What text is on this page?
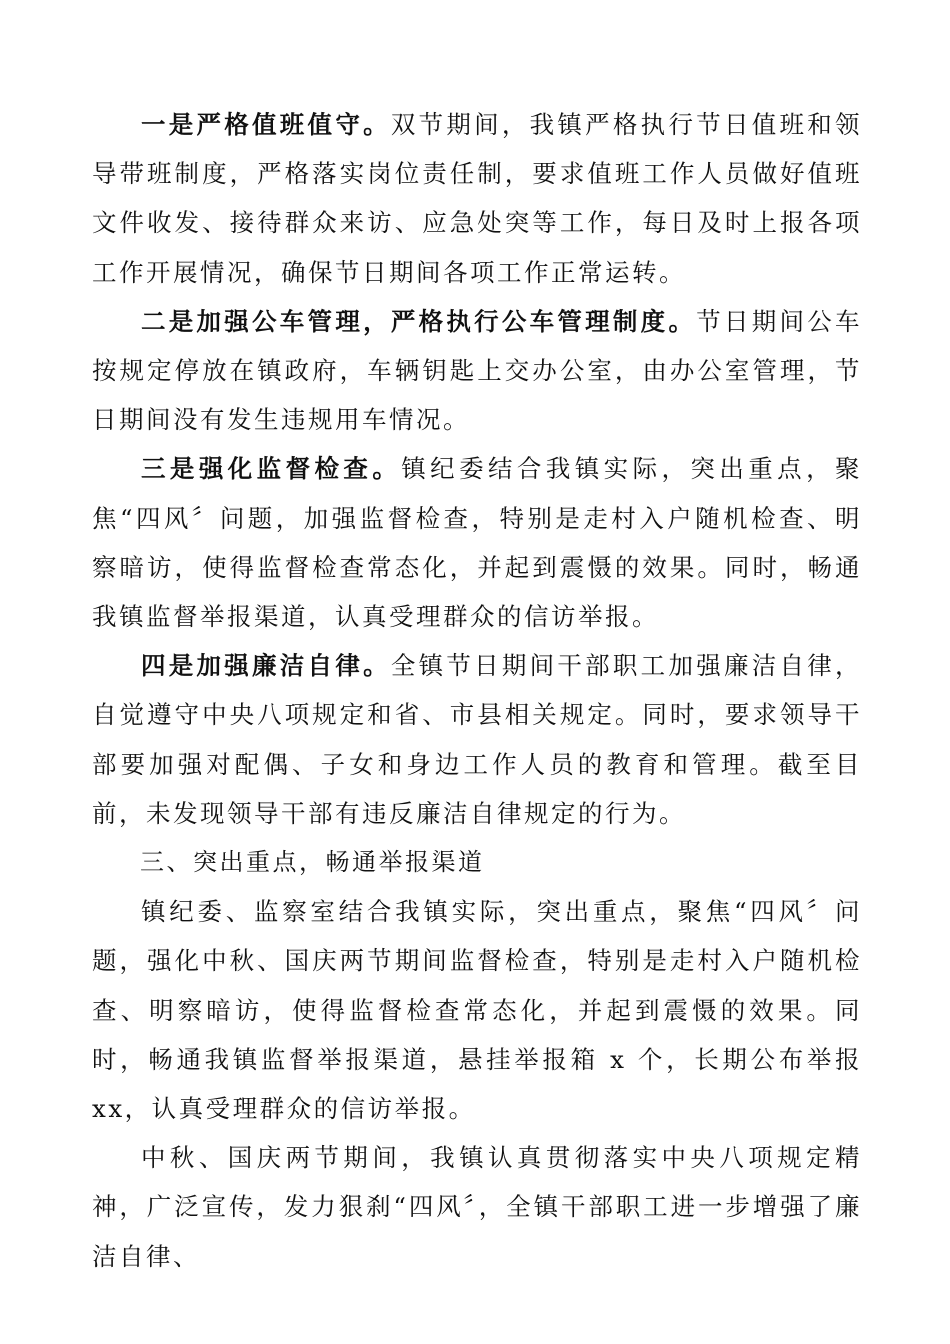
一是严格值班值守。双节期间，我镇严格执行节日值班和领导带班制度，严格落实岗位责任制，要求值班工作人员做好值班文件收发、接待群众来访、应急处突等工作，每日及时上报各项工作开展情况，确保节日期间各项工作正常运转。

二是加强公车管理，严格执行公车管理制度。节日期间公车按规定停放在镇政府，车辆钥匙上交办公室，由办公室管理，节日期间没有发生违规用车情况。

三是强化监督检查。镇纪委结合我镇实际，突出重点，聚焦“四风〞问题，加强监督检查，特别是走村入户随机检查、明察暗访，使得监督检查常态化，并起到震慑的效果。同时，畅通我镇监督举报渠道，认真受理群众的信访举报。

四是加强廉洁自律。全镇节日期间干部职工加强廉洁自律，自觉遵守中央八项规定和省、市县相关规定。同时，要求领导干部要加强对配偶、子女和身边工作人员的教育和管理。截至目前，未发现领导干部有违反廉洁自律规定的行为。

三、突出重点，畅通举报渠道

镇纪委、监察室结合我镇实际，突出重点，聚焦“四风〞问题，强化中秋、国庆两节期间监督检查，特别是走村入户随机检查、明察暗访，使得监督检查常态化，并起到震慑的效果。同时，畅通我镇监督举报渠道，悬挂举报箱 x 个，长期公布举报 xx，认真受理群众的信访举报。

中秋、国庆两节期间，我镇认真贯彻落实中央八项规定精神，广泛宣传，发力狠刹“四风〞，全镇干部职工进一步增强了廉洁自律、
